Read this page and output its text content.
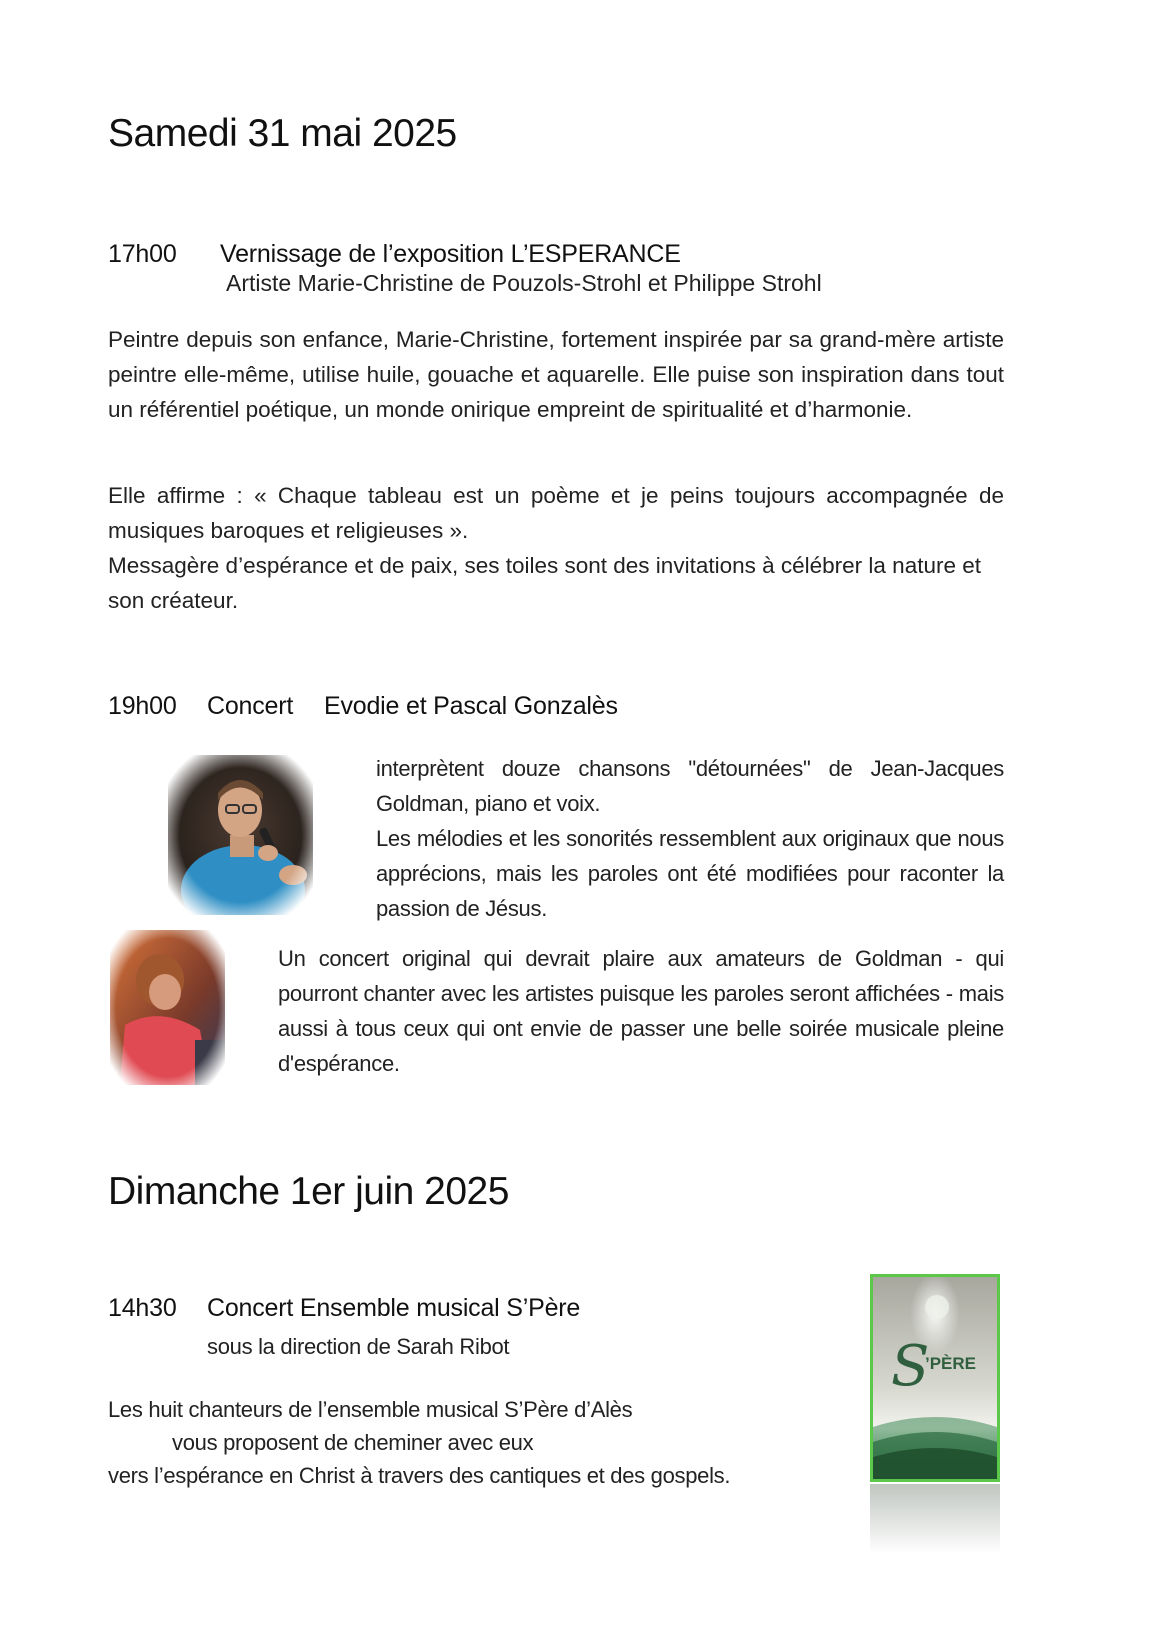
Samedi 31 mai 2025
17h00 Vernissage de l’exposition L’ESPERANCE
Artiste Marie-Christine de Pouzols-Strohl et Philippe Strohl

Peintre depuis son enfance, Marie-Christine, fortement inspirée par sa grand-mère artiste peintre elle-même, utilise huile, gouache et aquarelle. Elle puise son inspiration dans tout un référentiel poétique, un monde onirique empreint de spiritualité et d’harmonie.

Elle affirme : « Chaque tableau est un poème et je peins toujours accompagnée de musiques baroques et religieuses ».

Messagère d’espérance et de paix, ses toiles sont des invitations à célébrer la nature et son créateur.

19h00 Concert Evodie et Pascal Gonzalès

interprètent douze chansons "détournées" de Jean-Jacques Goldman, piano et voix.

Les mélodies et les sonorités ressemblent aux originaux que nous apprécions, mais les paroles ont été modifiées pour raconter la passion de Jésus.

Un concert original qui devrait plaire aux amateurs de Goldman - qui pourront chanter avec les artistes puisque les paroles seront affichées - mais aussi à tous ceux qui ont envie de passer une belle soirée musicale pleine d'espérance.

Dimanche 1er juin 2025
14h30 Concert Ensemble musical S’Père
sous la direction de Sarah Ribot
Les huit chanteurs de l’ensemble musical S’Père d’Alès
vous proposent de cheminer avec eux
vers l’espérance en Christ à travers des cantiques et des gospels.
S
’PÈRE
